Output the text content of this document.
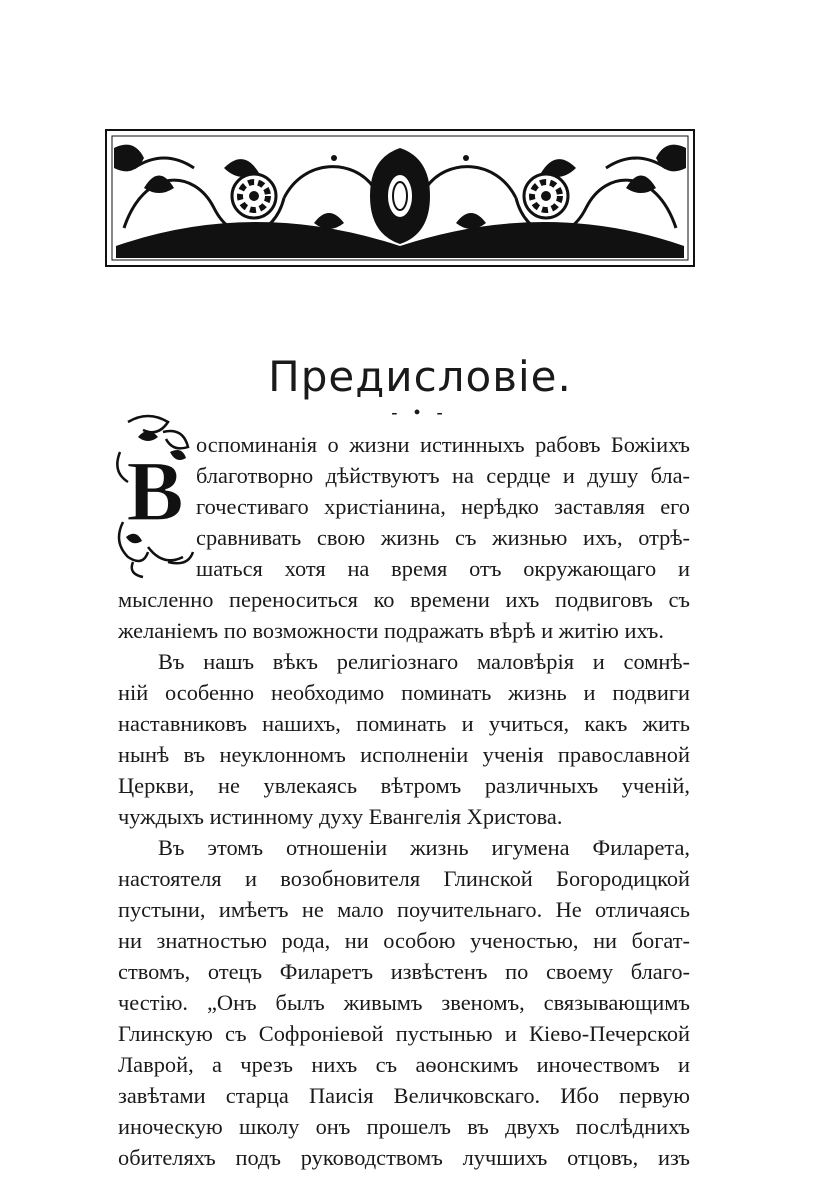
Предисловіе.
- • -
В оспоминанія о жизни истинныхъ рабовъ Божіихъ
благотворно дѣйствуютъ на сердце и душу бла-
гочестиваго христіанина, нерѣдко заставляя его
сравнивать свою жизнь съ жизнью ихъ, отрѣ-
шаться хотя на время отъ окружающаго и
мысленно переноситься ко времени ихъ подвиговъ съ
желаніемъ по возможности подражать вѣрѣ и житію ихъ.
Въ нашъ вѣкъ религіознаго маловѣрія и сомнѣ-
ній особенно необходимо поминать жизнь и подвиги
наставниковъ нашихъ, поминать и учиться, какъ жить
нынѣ въ неуклонномъ исполненіи ученія православной
Церкви, не увлекаясь вѣтромъ различныхъ ученій,
чуждыхъ истинному духу Евангелія Христова.
Въ этомъ отношеніи жизнь игумена Филарета,
настоятеля и возобновителя Глинской Богородицкой
пустыни, имѣетъ не мало поучительнаго. Не отличаясь
ни знатностью рода, ни особою ученостью, ни богат-
ствомъ, отецъ Филаретъ извѣстенъ по своему благо-
честію. „Онъ былъ живымъ звеномъ, связывающимъ
Глинскую съ Софроніевой пустынью и Кіево-Печерской
Лаврой, а чрезъ нихъ съ аѳонскимъ иночествомъ и
завѣтами старца Паисія Величковскаго. Ибо первую
иноческую школу онъ прошелъ въ двухъ послѣднихъ
обителяхъ подъ руководствомъ лучшихъ отцовъ, изъ
